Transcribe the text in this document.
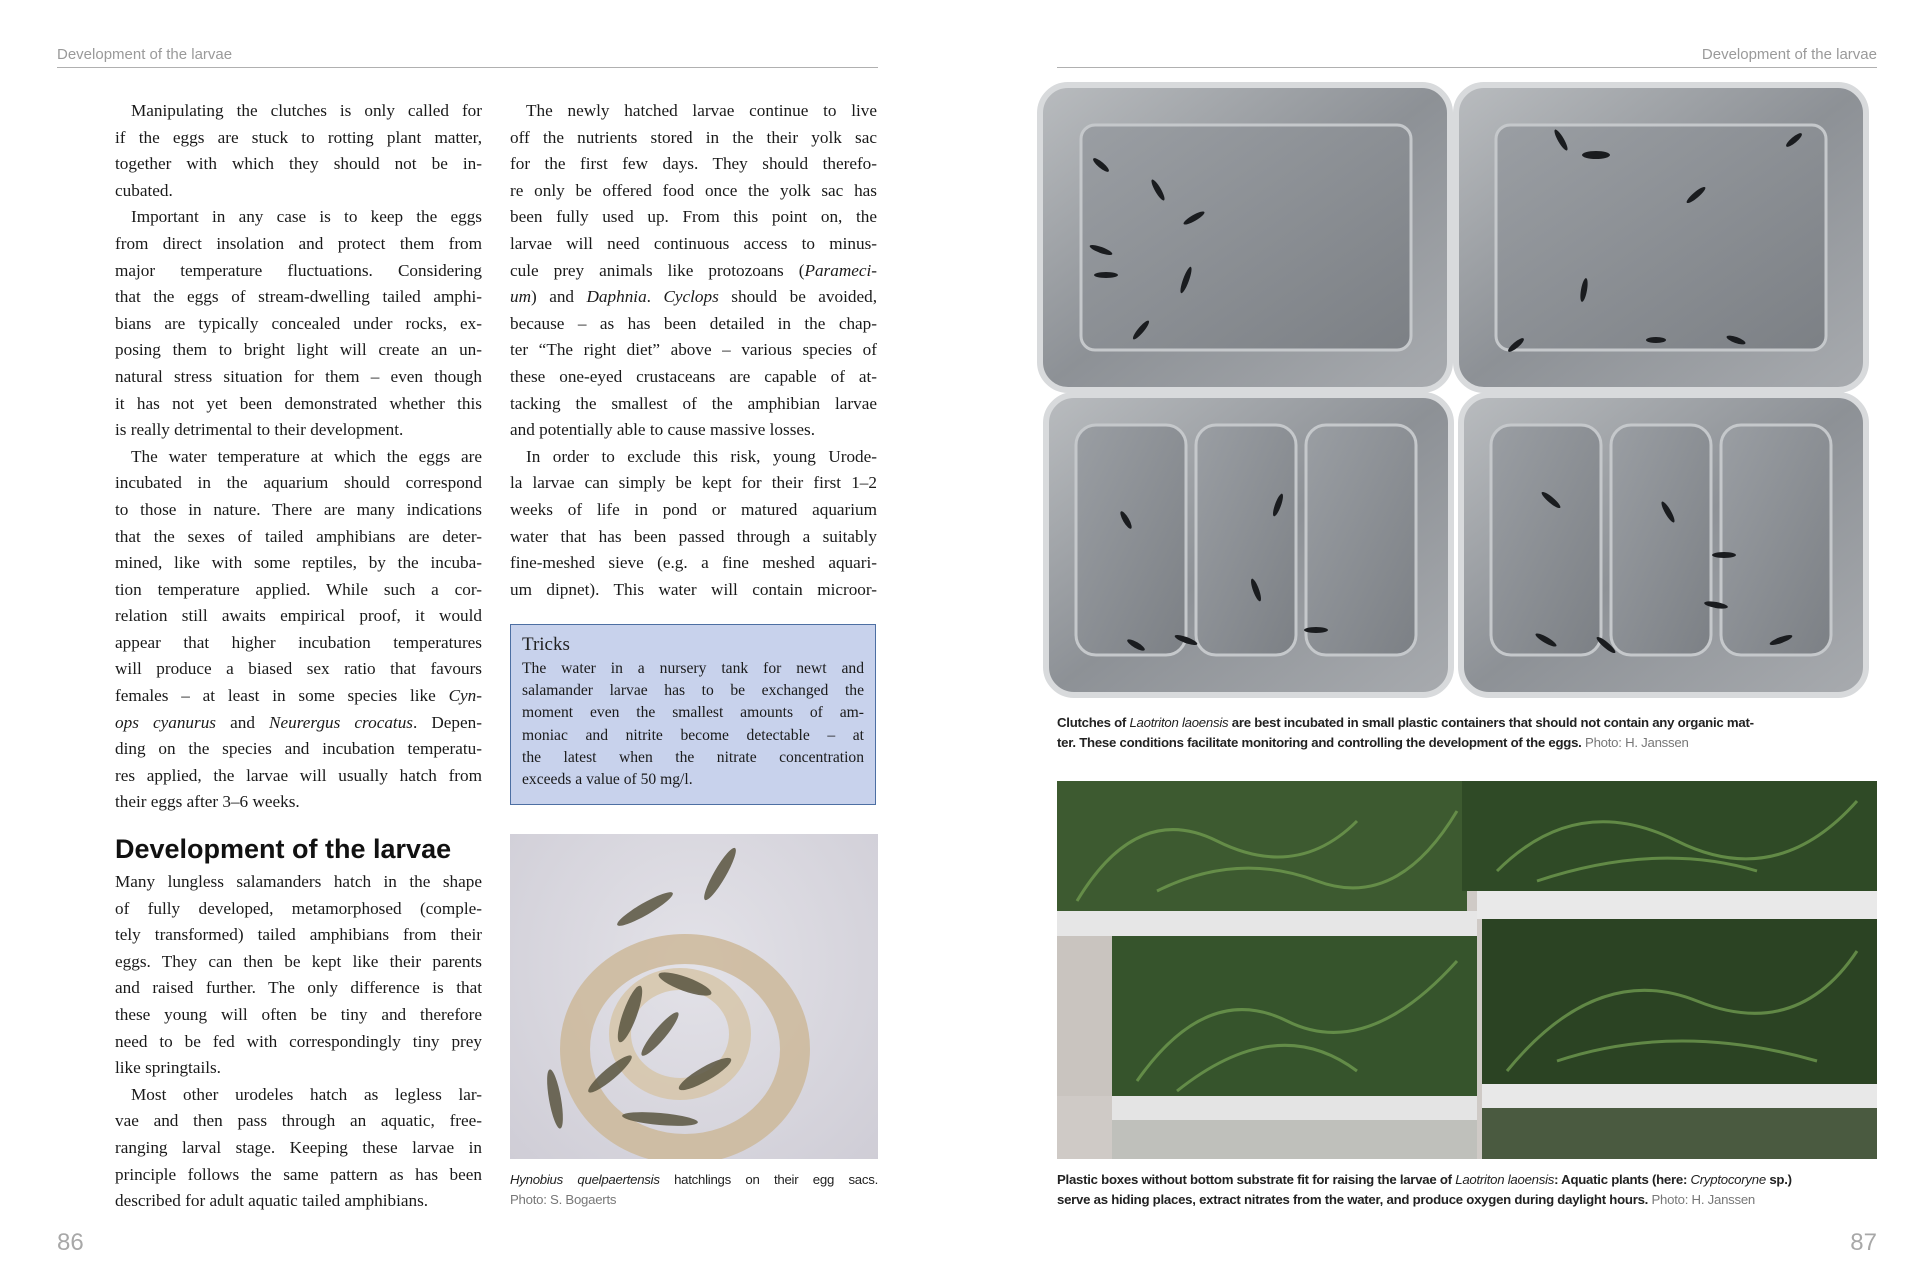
Development of the larvae	Development of the larvae
Manipulating the clutches is only called for
if the eggs are stuck to rotting plant matter,
together with which they should not be in-
cubated.
Important in any case is to keep the eggs
from direct insolation and protect them from
major temperature fluctuations. Considering
that the eggs of stream-dwelling tailed amphi-
bians are typically concealed under rocks, ex-
posing them to bright light will create an un-
natural stress situation for them – even though
it has not yet been demonstrated whether this
is really detrimental to their development.
The water temperature at which the eggs are
incubated in the aquarium should correspond
to those in nature. There are many indications
that the sexes of tailed amphibians are deter-
mined, like with some reptiles, by the incuba-
tion temperature applied. While such a cor-
relation still awaits empirical proof, it would
appear that higher incubation temperatures
will produce a biased sex ratio that favours
females – at least in some species like Cyn-
ops cyanurus and Neurergus crocatus. Depen-
ding on the species and incubation temperatu-
res applied, the larvae will usually hatch from
their eggs after 3–6 weeks.
Development of the larvae
Many lungless salamanders hatch in the shape
of fully developed, metamorphosed (comple-
tely transformed) tailed amphibians from their
eggs. They can then be kept like their parents
and raised further. The only difference is that
these young will often be tiny and therefore
need to be fed with correspondingly tiny prey
like springtails.
Most other urodeles hatch as legless lar-
vae and then pass through an aquatic, free-
ranging larval stage. Keeping these larvae in
principle follows the same pattern as has been
described for adult aquatic tailed amphibians.
The newly hatched larvae continue to live
off the nutrients stored in the their yolk sac
for the first few days. They should therefo-
re only be offered food once the yolk sac has
been fully used up. From this point on, the
larvae will need continuous access to minus-
cule prey animals like protozoans (Parameci-
um) and Daphnia. Cyclops should be avoided,
because – as has been detailed in the chap-
ter “The right diet” above – various species of
these one-eyed crustaceans are capable of at-
tacking the smallest of the amphibian larvae
and potentially able to cause massive losses.
In order to exclude this risk, young Urode-
la larvae can simply be kept for their first 1–2
weeks of life in pond or matured aquarium
water that has been passed through a suitably
fine-meshed sieve (e.g. a fine meshed aquari-
um dipnet). This water will contain microor-
Tricks
The water in a nursery tank for newt and
salamander larvae has to be exchanged the
moment even the smallest amounts of am-
moniac and nitrite become detectable – at
the latest when the nitrate concentration
exceeds a value of 50 mg/l.
Hynobius quelpaertensis hatchlings on their egg sacs.
Photo: S. Bogaerts
Clutches of Laotriton laoensis are best incubated in small plastic containers that should not contain any organic mat-
ter. These conditions facilitate monitoring and controlling the development of the eggs. Photo: H. Janssen
Plastic boxes without bottom substrate fit for raising the larvae of Laotriton laoensis: Aquatic plants (here: Cryptocoryne sp.)
serve as hiding places, extract nitrates from the water, and produce oxygen during daylight hours. Photo: H. Janssen
86	87
